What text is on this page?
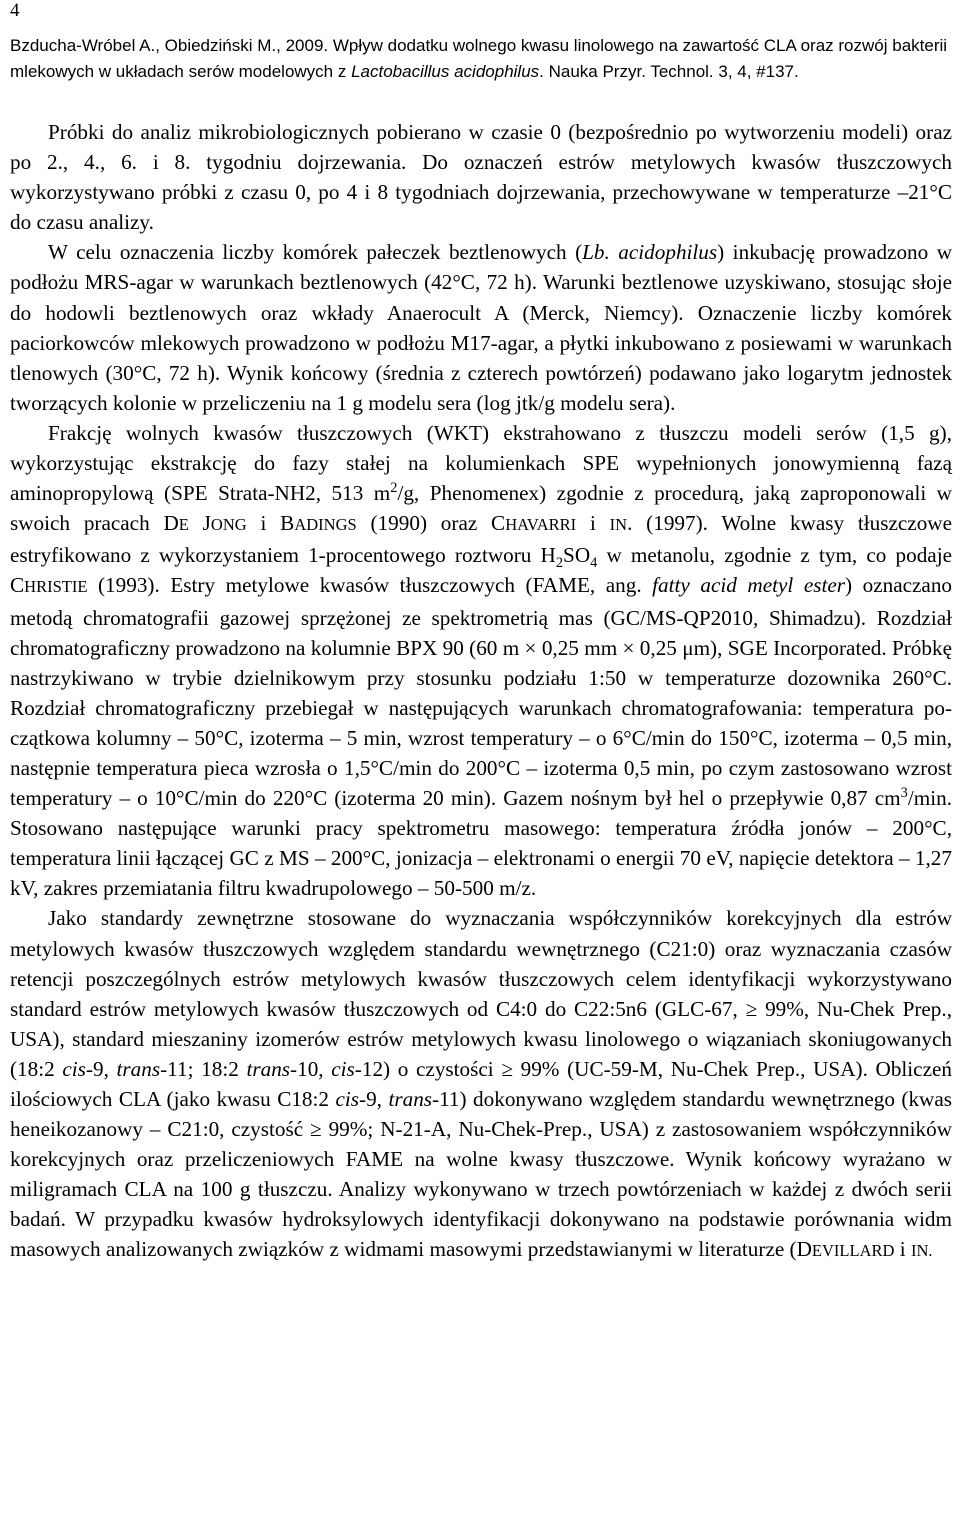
4
Bzducha-Wróbel A., Obiedziński M., 2009. Wpływ dodatku wolnego kwasu linolowego na zawartość CLA oraz rozwój bakterii mlekowych w układach serów modelowych z Lactobacillus acidophilus. Nauka Przyr. Technol. 3, 4, #137.

Próbki do analiz mikrobiologicznych pobierano w czasie 0 (bezpośrednio po wytworzeniu modeli) oraz po 2., 4., 6. i 8. tygodniu dojrzewania. Do oznaczeń estrów metylowych kwasów tłuszczowych wykorzystywano próbki z czasu 0, po 4 i 8 tygodniach dojrzewania, przechowywane w temperaturze –21°C do czasu analizy.

W celu oznaczenia liczby komórek pałeczek beztlenowych (Lb. acidophilus) inkubację prowadzono w podłożu MRS-agar w warunkach beztlenowych (42°C, 72 h). Warunki beztlenowe uzyskiwano, stosując słoje do hodowli beztlenowych oraz wkłady Anaerocult A (Merck, Niemcy). Oznaczenie liczby komórek paciorkowców mlekowych prowadzono w podłożu M17-agar, a płytki inkubowano z posiewami w warunkach tlenowych (30°C, 72 h). Wynik końcowy (średnia z czterech powtórzeń) podawano jako logarytm jednostek tworzących kolonie w przeliczeniu na 1 g modelu sera (log jtk/g modelu sera).

Frakcję wolnych kwasów tłuszczowych (WKT) ekstrahowano z tłuszczu modeli serów (1,5 g), wykorzystując ekstrakcję do fazy stałej na kolumienkach SPE wypełnionych jonowymienną fazą aminopropylową (SPE Strata-NH2, 513 $m^2/g$, Phenomenex) zgodnie z procedurą, jaką zaproponowali w swoich pracach DE JONG i BADINGS (1990) oraz CHAVARRI i IN. (1997). Wolne kwasy tłuszczowe estryfikowano z wykorzystaniem 1-procentowego roztworu $H_2SO_4$ w metanolu, zgodnie z tym, co podaje CHRISTIE (1993). Estry metylowe kwasów tłuszczowych (FAME, ang. fatty acid metyl ester) oznaczano metodą chromatografii gazowej sprzężonej ze spektrometrią mas (GC/MS-QP2010, Shimadzu). Rozdział chromatograficzny prowadzono na kolumnie BPX 90 (60 m × 0,25 mm × 0,25 μm), SGE Incorporated. Próbkę nastrzykiwano w trybie dzielnikowym przy stosunku podziału 1:50 w temperaturze dozownika 260°C. Rozdział chromatograficzny przebiegał w następujących warunkach chromatografowania: temperatura początkowa kolumny – 50°C, izoterma – 5 min, wzrost temperatury – o 6°C/min do 150°C, izoterma – 0,5 min, następnie temperatura pieca wzrosła o 1,5°C/min do 200°C – izoterma 0,5 min, po czym zastosowano wzrost temperatury – o 10°C/min do 220°C (izoterma 20 min). Gazem nośnym był hel o przepływie 0,87 $cm^3/\min$. Stosowano następujące warunki pracy spektrometru masowego: temperatura źródła jonów – 200°C, temperatura linii łączącej GC z MS – 200°C, jonizacja – elektronami o energii 70 eV, napięcie detektora – 1,27 kV, zakres przemiatania filtru kwadrupolowego – 50-500 m/z.

Jako standardy zewnętrzne stosowane do wyznaczania współczynników korekcyjnych dla estrów metylowych kwasów tłuszczowych względem standardu wewnętrznego (C21:0) oraz wyznaczania czasów retencji poszczególnych estrów metylowych kwasów tłuszczowych celem identyfikacji wykorzystywano standard estrów metylowych kwasów tłuszczowych od C4:0 do C22:5n6 (GLC-67, ≥ 99%, Nu-Chek Prep., USA), standard mieszaniny izomerów estrów metylowych kwasu linolowego o wiązaniach skoniugowanych (18:2 cis-9, trans-11; 18:2 trans-10, cis-12) o czystości ≥ 99% (UC-59-M, Nu-Chek Prep., USA). Obliczeń ilościowych CLA (jako kwasu C18:2 cis-9, trans-11) dokonywano względem standardu wewnętrznego (kwas heneikozanowy – C21:0, czystość ≥ 99%; N-21-A, Nu-Chek-Prep., USA) z zastosowaniem współczynników korekcyjnych oraz przeliczeniowych FAME na wolne kwasy tłuszczowe. Wynik końcowy wyrażano w miligramach CLA na 100 g tłuszczu. Analizy wykonywano w trzech powtórzeniach w każdej z dwóch serii badań. W przypadku kwasów hydroksylowych identyfikacji dokonywano na podstawie porównania widm masowych analizowanych związków z widmami masowymi przedstawianymi w literaturze (DEVILLARD i IN.
